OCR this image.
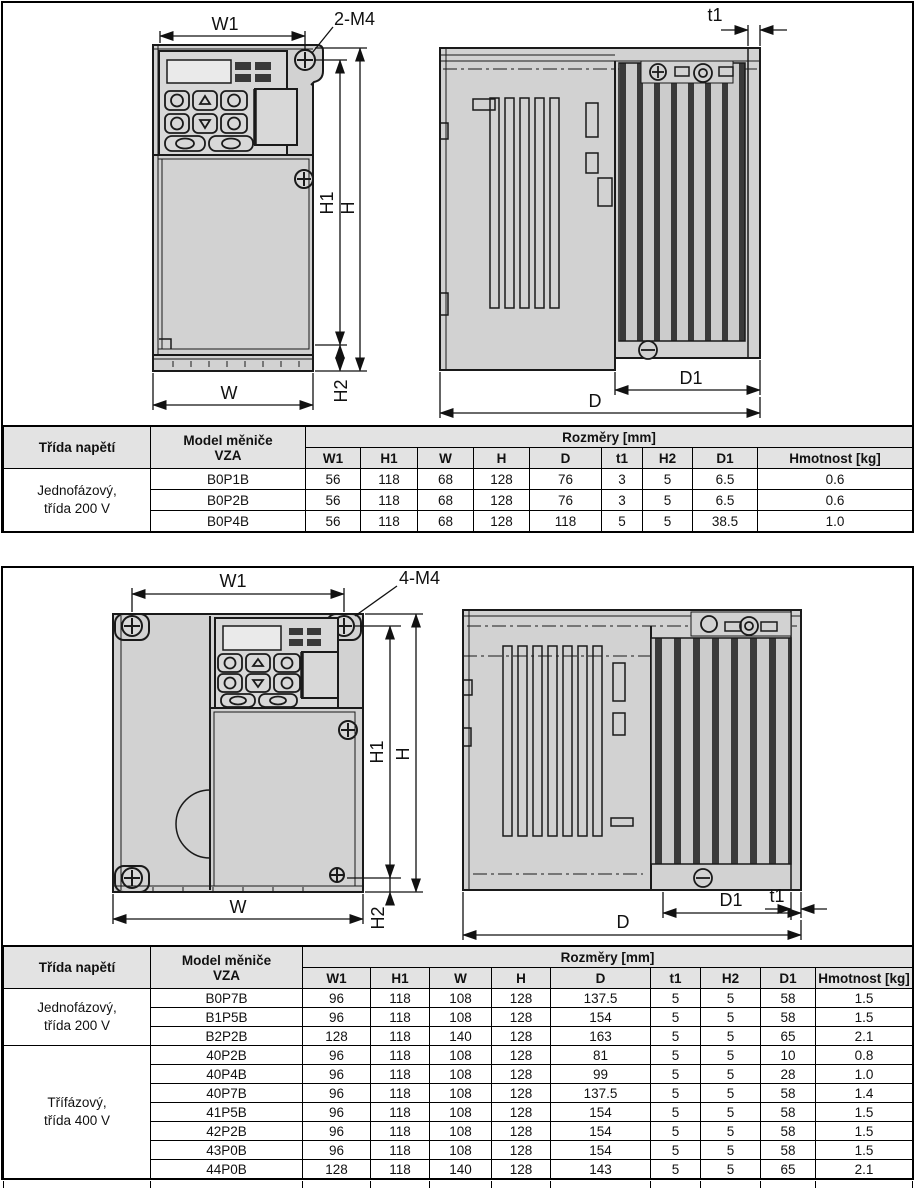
W1	2-M4
H1 H
H2
W
t1
D1
D
Třída napětí	Model měniče
VZA	Rozměry [mm]								
		W1	H1	W	H	D	t1	H2	D1	Hmotnost [kg]

Jednofázový,
třída 200 V	B0P1B	56	118	68	128	76	3	5	6.5	0.6
	B0P2B	56	118	68	128	76	3	5	6.5	0.6
	B0P4B	56	118	68	128	118	5	5	38.5	1.0
W1	4-M4
H1 H
H2
W	D1 t1
D
Třída napětí	Model měniče
VZA	Rozměry [mm]								
		W1	H1	W	H	D	t1	H2	D1	Hmotnost [kg]

Jednofázový,
třída 200 V	B0P7B	96	118	108	128	137.5	5	5	58	1.5
	B1P5B	96	118	108	128	154	5	5	58	1.5
	B2P2B	128	118	140	128	163	5	5	65	2.1

Třífázový,
třída 400 V	40P2B	96	118	108	128	81	5	5	10	0.8
	40P4B	96	118	108	128	99	5	5	28	1.0
	40P7B	96	118	108	128	137.5	5	5	58	1.4
	41P5B	96	118	108	128	154	5	5	58	1.5
	42P2B	96	118	108	128	154	5	5	58	1.5
	43P0B	96	118	108	128	154	5	5	58	1.5
	44P0B	128	118	140	128	143	5	5	65	2.1
